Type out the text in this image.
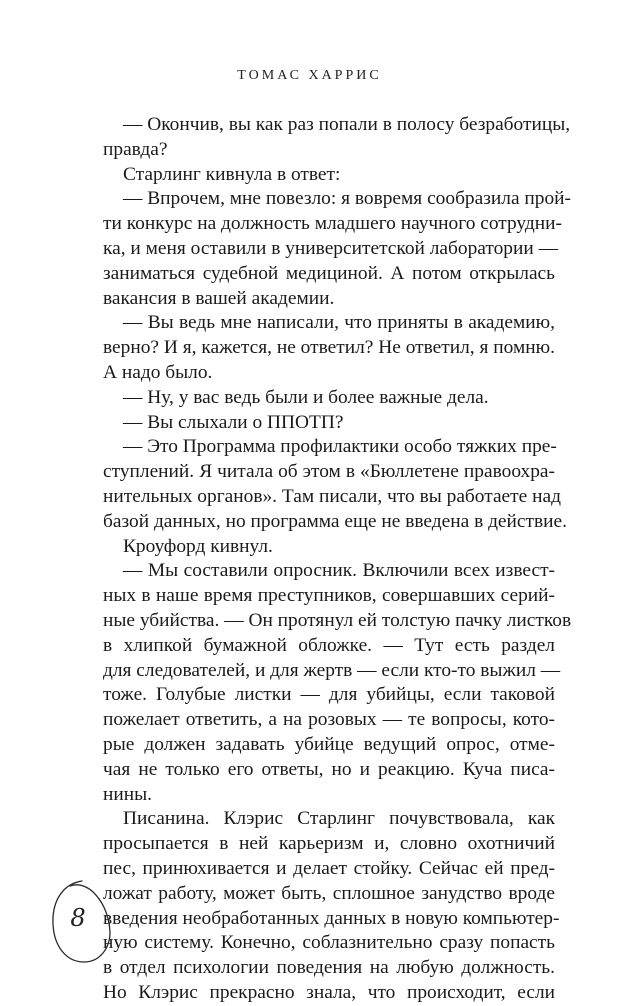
ТОМАС ХАРРИС
— Окончив, вы как раз попали в полосу безработицы,
правда?
Старлинг кивнула в ответ:
— Впрочем, мне повезло: я вовремя сообразила прой-
ти конкурс на должность младшего научного сотрудни-
ка, и меня оставили в университетской лаборатории —
заниматься судебной медициной. А потом открылась
вакансия в вашей академии.
— Вы ведь мне написали, что приняты в академию,
верно? И я, кажется, не ответил? Не ответил, я помню.
А надо было.
— Ну, у вас ведь были и более важные дела.
— Вы слыхали о ППОТП?
— Это Программа профилактики особо тяжких пре-
ступлений. Я читала об этом в «Бюллетене правоохра-
нительных органов». Там писали, что вы работаете над
базой данных, но программа еще не введена в действие.
Кроуфорд кивнул.
— Мы составили опросник. Включили всех извест-
ных в наше время преступников, совершавших серий-
ные убийства. — Он протянул ей толстую пачку листков
в хлипкой бумажной обложке. — Тут есть раздел
для следователей, и для жертв — если кто-то выжил —
тоже. Голубые листки — для убийцы, если таковой
пожелает ответить, а на розовых — те вопросы, кото-
рые должен задавать убийце ведущий опрос, отме-
чая не только его ответы, но и реакцию. Куча писа-
нины.
Писанина. Клэрис Старлинг почувствовала, как
просыпается в ней карьеризм и, словно охотничий
пес, принюхивается и делает стойку. Сейчас ей пред-
ложат работу, может быть, сплошное занудство вроде
введения необработанных данных в новую компьютер-
ную систему. Конечно, соблазнительно сразу попасть
в отдел психологии поведения на любую должность.
Но Клэрис прекрасно знала, что происходит, если
8
